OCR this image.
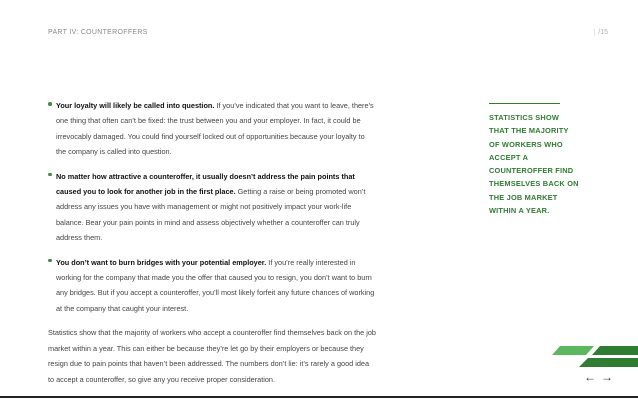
PART IV: COUNTEROFFERS	| /15

Your loyalty will likely be called into question. If you’ve indicated that you want to leave, there’s one thing that often can’t be fixed: the trust between you and your employer. In fact, it could be irrevocably damaged. You could find yourself locked out of opportunities because your loyalty to the company is called into question.

No matter how attractive a counteroffer, it usually doesn’t address the pain points that caused you to look for another job in the first place. Getting a raise or being promoted won’t address any issues you have with management or might not positively impact your work-life balance. Bear your pain points in mind and assess objectively whether a counteroffer can truly address them.

You don’t want to burn bridges with your potential employer. If you’re really interested in working for the company that made you the offer that caused you to resign, you don’t want to burn any bridges. But if you accept a counteroffer, you’ll most likely forfeit any future chances of working at the company that caught your interest.

Statistics show that the majority of workers who accept a counteroffer find themselves back on the job market within a year. This can either be because they’re let go by their employers or because they resign due to pain points that haven’t been addressed. The numbers don’t lie: it’s rarely a good idea to accept a counteroffer, so give any you receive proper consideration.

STATISTICS SHOW THAT THE MAJORITY OF WORKERS WHO ACCEPT A COUNTEROFFER FIND THEMSELVES BACK ON THE JOB MARKET WITHIN A YEAR.
←→
